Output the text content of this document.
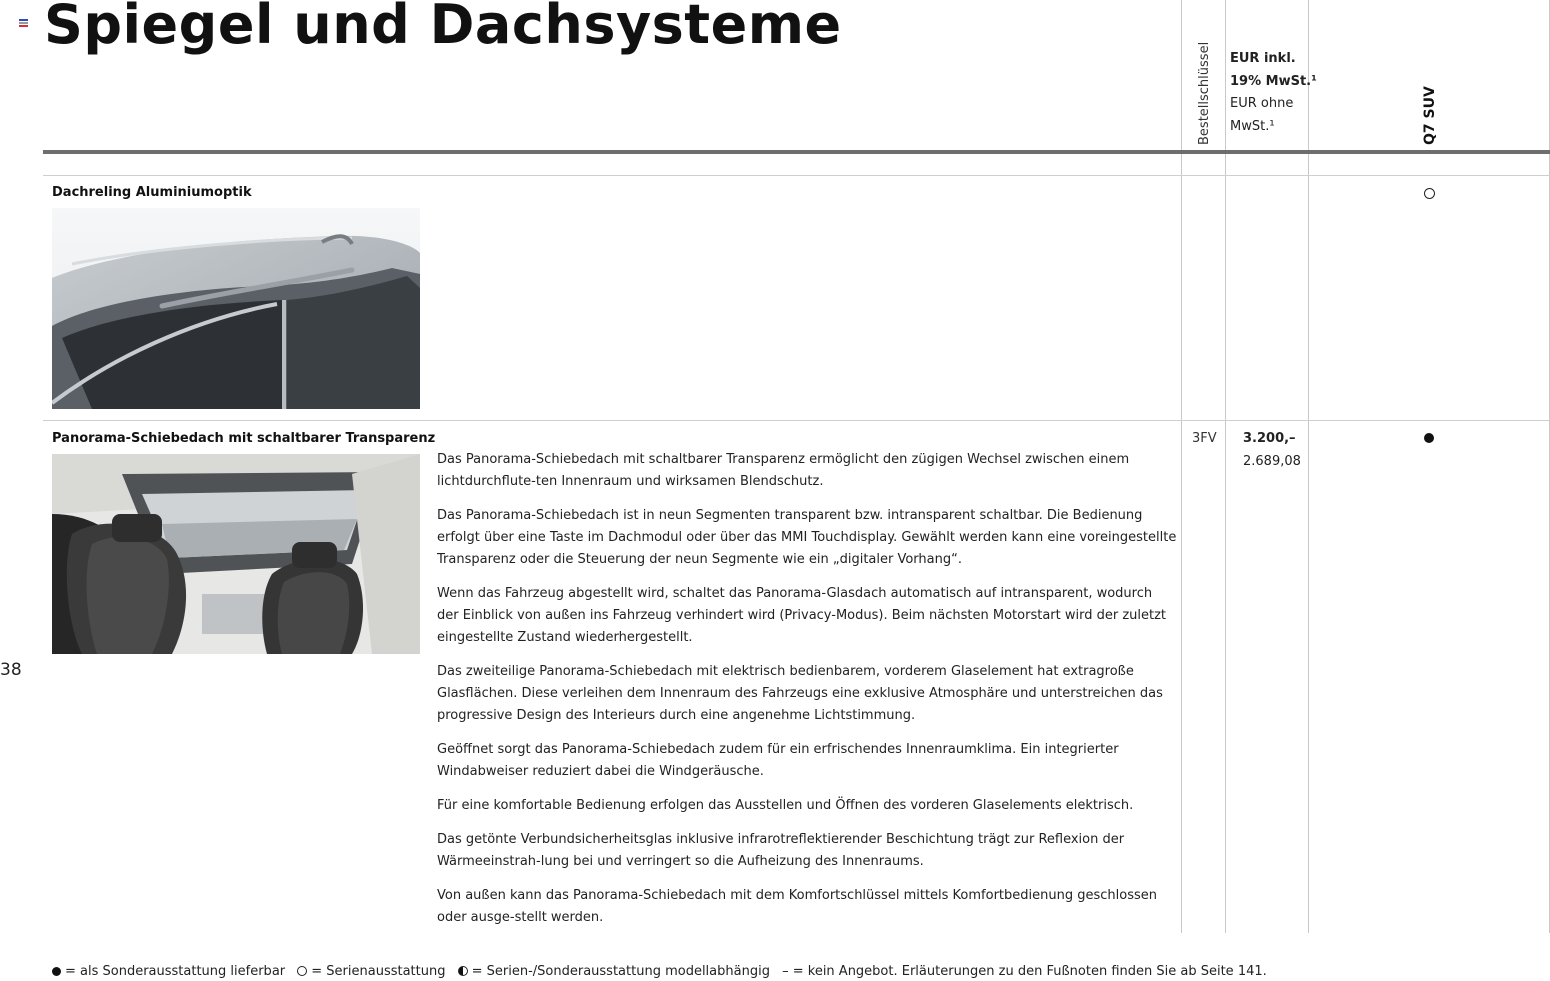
Spiegel und Dachsysteme
Bestellschlüssel EUR inkl.
19% MwSt.¹
EUR ohne
MwSt.¹	Q7 SUV
Dachreling Aluminiumoptik
Panorama-Schiebedach mit schaltbarer Transparenz

Das Panorama-Schiebedach mit schaltbarer Transparenz ermöglicht den zügigen Wechsel zwischen einem lichtdurchflute-ten Innenraum und wirksamen Blendschutz.

Das Panorama-Schiebedach ist in neun Segmenten transparent bzw. intransparent schaltbar. Die Bedienung erfolgt über eine Taste im Dachmodul oder über das MMI Touchdisplay. Gewählt werden kann eine voreingestellte Transparenz oder die Steuerung der neun Segmente wie ein „digitaler Vorhang“.

Wenn das Fahrzeug abgestellt wird, schaltet das Panorama-Glasdach automatisch auf intransparent, wodurch der Einblick von außen ins Fahrzeug verhindert wird (Privacy-Modus). Beim nächsten Motorstart wird der zuletzt eingestellte Zustand wiederhergestellt.

Das zweiteilige Panorama-Schiebedach mit elektrisch bedienbarem, vorderem Glaselement hat extragroße Glasflächen. Diese verleihen dem Innenraum des Fahrzeugs eine exklusive Atmosphäre und unterstreichen das progressive Design des Interieurs durch eine angenehme Lichtstimmung.

Geöffnet sorgt das Panorama-Schiebedach zudem für ein erfrischendes Innenraumklima. Ein integrierter Windabweiser reduziert dabei die Windgeräusche.

Für eine komfortable Bedienung erfolgen das Ausstellen und Öffnen des vorderen Glaselements elektrisch.

Das getönte Verbundsicherheitsglas inklusive infrarotreflektierender Beschichtung trägt zur Reflexion der Wärmeeinstrah-lung bei und verringert so die Aufheizung des Innenraums.

Von außen kann das Panorama-Schiebedach mit dem Komfortschlüssel mittels Komfortbedienung geschlossen oder ausge-stellt werden.

3FV 3.200,–
2.689,08
38
= als Sonderausstattung lieferbar = Serienausstattung = Serien-/Sonderausstattung modellabhängig – = kein Angebot. Erläuterungen zu den Fußnoten finden Sie ab Seite 141.
